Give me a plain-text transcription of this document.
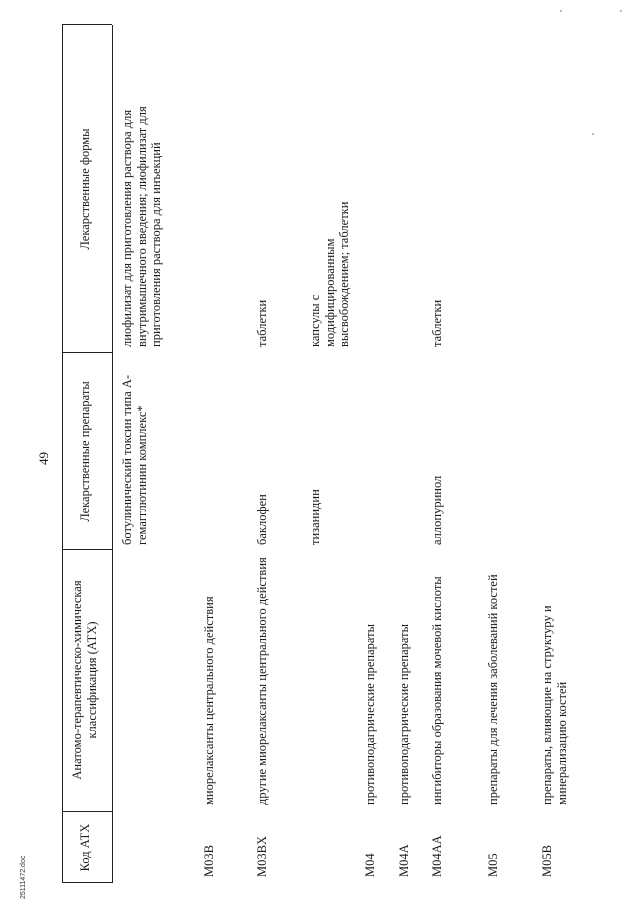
49
25111472.doc
Код АТХ
Анатомо-терапевтическо-химическая классификация (АТХ)
Лекарственные препараты
Лекарственные формы
ботулинический токсин типа А-гемагглютинин комплекс*
лиофилизат для приготовления раствора для внутримышечного введения; лиофилизат для приготовления раствора для инъекций
M03B
миорелаксанты центрального действия
M03BX
другие миорелаксанты центрального действия
баклофен
таблетки
тизанидин
капсулы с модифицированным высвобождением; таблетки
M04
противоподагрические препараты
M04A
противоподагрические препараты
M04AA
ингибиторы образования мочевой кислоты
аллопуринол
таблетки
M05
препараты для лечения заболеваний костей
M05B
препараты, влияющие на структуру и минерализацию костей
